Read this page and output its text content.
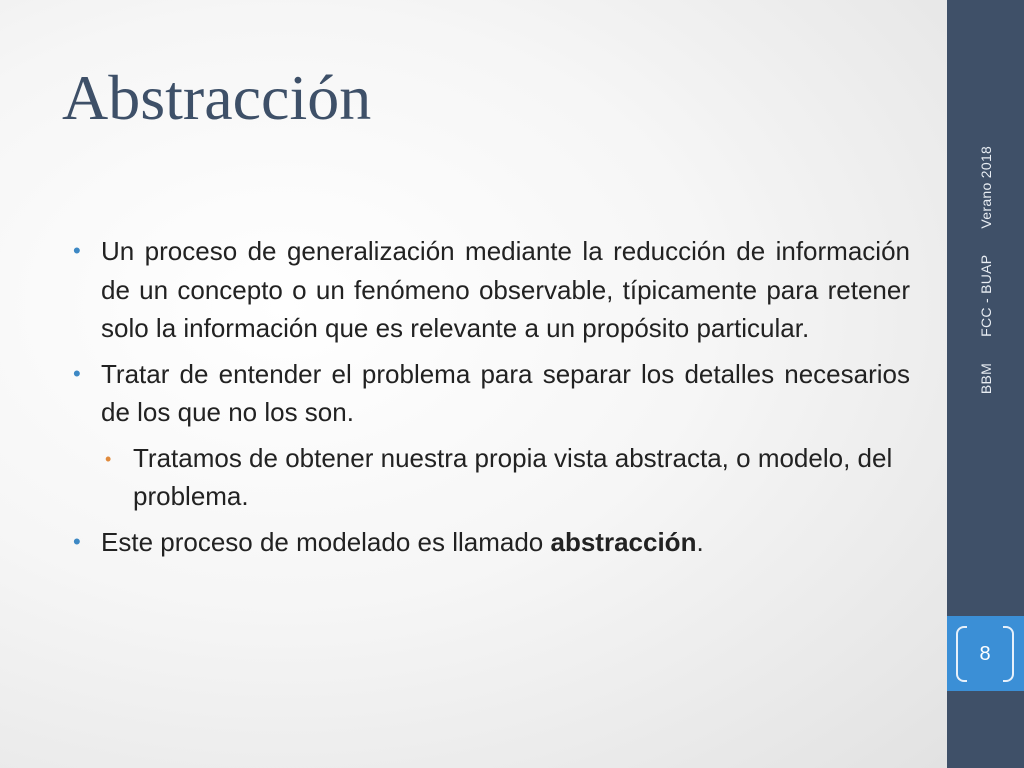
Abstracción
• Un proceso de generalización mediante la reducción de información de un concepto o un fenómeno observable, típicamente para retener solo la información que es relevante a un propósito particular.
• Tratar de entender el problema para separar los detalles necesarios de los que no los son.
• Tratamos de obtener nuestra propia vista abstracta, o modelo, del problema.
• Este proceso de modelado es llamado abstracción.
BBMFCC - BUAPVerano 2018
8
